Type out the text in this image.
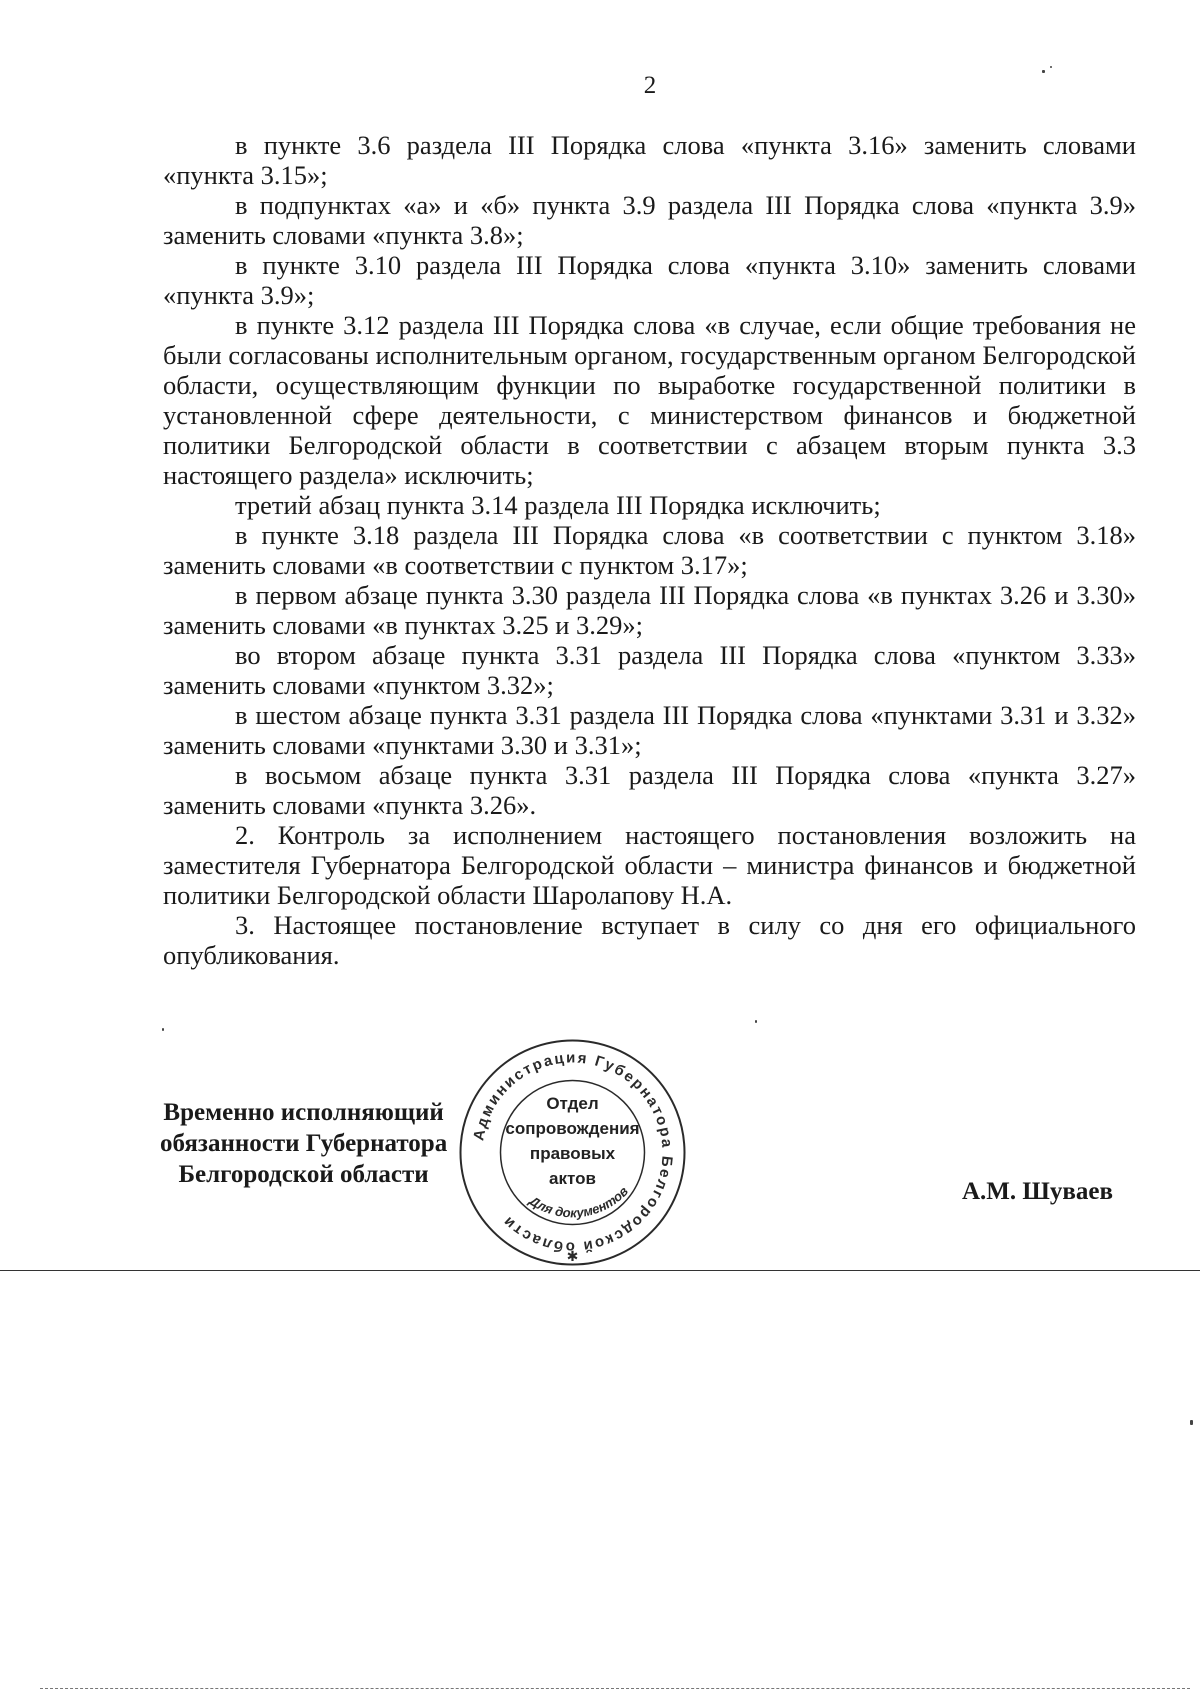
2

в пункте 3.6 раздела III Порядка слова «пункта 3.16» заменить словами «пункта 3.15»;

в подпунктах «а» и «б» пункта 3.9 раздела III Порядка слова «пункта 3.9» заменить словами «пункта 3.8»;

в пункте 3.10 раздела III Порядка слова «пункта 3.10» заменить словами «пункта 3.9»;

в пункте 3.12 раздела III Порядка слова «в случае, если общие требования не были согласованы исполнительным органом, государственным органом Белгородской области, осуществляющим функции по выработке государственной политики в установленной сфере деятельности, с министерством финансов и бюджетной политики Белгородской области в соответствии с абзацем вторым пункта 3.3 настоящего раздела» исключить;

третий абзац пункта 3.14 раздела III Порядка исключить;

в пункте 3.18 раздела III Порядка слова «в соответствии с пунктом 3.18» заменить словами «в соответствии с пунктом 3.17»;

в первом абзаце пункта 3.30 раздела III Порядка слова «в пунктах 3.26 и 3.30» заменить словами «в пунктах 3.25 и 3.29»;

во втором абзаце пункта 3.31 раздела III Порядка слова «пунктом 3.33» заменить словами «пунктом 3.32»;

в шестом абзаце пункта 3.31 раздела III Порядка слова «пунктами 3.31 и 3.32» заменить словами «пунктами 3.30 и 3.31»;

в восьмом абзаце пункта 3.31 раздела III Порядка слова «пункта 3.27» заменить словами «пункта 3.26».

2. Контроль за исполнением настоящего постановления возложить на заместителя Губернатора Белгородской области – министра финансов и бюджетной политики Белгородской области Шаролапову Н.А.

3. Настоящее постановление вступает в силу со дня его официального опубликования.

Временно исполняющий
обязанности Губернатора
Белгородской области
Администрация Губернатора Белгородской области
Для документов
✱
Отдел
сопровождения
правовых
актов	А.М. Шуваев
